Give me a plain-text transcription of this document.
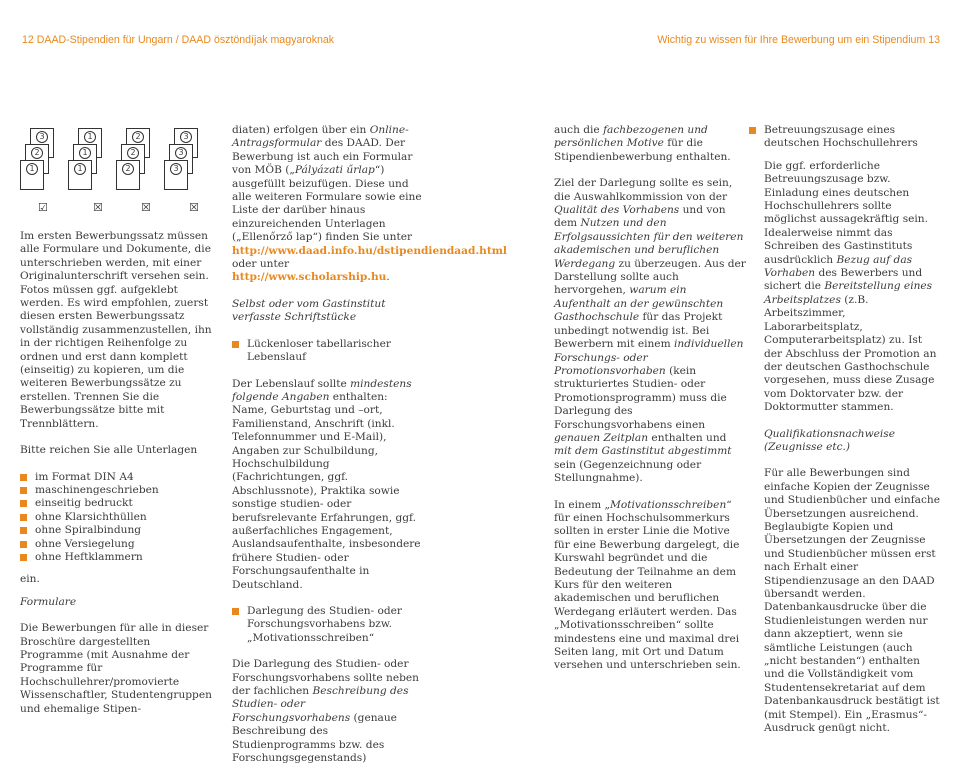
12 DAAD-Stipendien für Ungarn / DAAD ösztöndíjak magyaroknak	Wichtig zu wissen für Ihre Bewerbung um ein Stipendium 13
3
2
1
☑
1
1
1
☒
2
2
2
☒
3
3
3
☒

Im ersten Bewerbungssatz müssen alle Formulare und Dokumente, die unterschrieben werden, mit einer Originalunterschrift versehen sein. Fotos müssen ggf. aufgeklebt werden. Es wird empfohlen, zuerst diesen ersten Bewerbungssatz vollständig zusammenzustellen, ihn in der richtigen Reihenfolge zu ordnen und erst dann komplett (einseitig) zu kopieren, um die weiteren Bewerbungssätze zu erstellen. Trennen Sie die Bewerbungssätze bitte mit Trennblättern.

Bitte reichen Sie alle Unterlagen

im Format DIN A4
maschinengeschrieben
einseitig bedruckt
ohne Klarsichthüllen
ohne Spiralbindung
ohne Versiegelung
ohne Heftklammern

ein.

Formulare

Die Bewerbungen für alle in dieser Broschüre dargestellten Programme (mit Ausnahme der Programme für Hochschullehrer/promovierte Wissenschaftler, Studentengruppen und ehemalige Stipen-

diaten) erfolgen über ein Online-Antragsformular des DAAD. Der Bewerbung ist auch ein Formular von MÖB („Pályázati űrlap“) ausgefüllt beizufügen. Diese und alle weiteren Formulare sowie eine Liste der darüber hinaus einzureichenden Unterlagen („Ellenőrző lap“) finden Sie unter http://www.daad.info.hu/dstipendiendaad.html oder unter http://www.scholarship.hu.

Selbst oder vom Gastinstitut verfasste Schriftstücke

Lückenloser tabellarischer Lebenslauf

Der Lebenslauf sollte mindestens folgende Angaben enthalten: Name, Geburtstag und –ort, Familienstand, Anschrift (inkl. Telefonnummer und E-Mail), Angaben zur Schulbildung, Hochschulbildung (Fachrichtungen, ggf. Abschlussnote), Praktika sowie sonstige studien- oder berufsrelevante Erfahrungen, ggf. außerfachliches Engagement, Auslandsaufenthalte, insbesondere frühere Studien- oder Forschungsaufenthalte in Deutschland.

Darlegung des Studien- oder Forschungsvorhabens bzw. „Motivationsschreiben“

Die Darlegung des Studien- oder Forschungsvorhabens sollte neben der fachlichen Beschreibung des Studien- oder Forschungsvorhabens (genaue Beschreibung des Studienprogramms bzw. des Forschungsgegenstands)

auch die fachbezogenen und persönlichen Motive für die Stipendienbewerbung enthalten.

Ziel der Darlegung sollte es sein, die Auswahlkommission von der Qualität des Vorhabens und von dem Nutzen und den Erfolgsaussichten für den weiteren akademischen und beruflichen Werdegang zu überzeugen. Aus der Darstellung sollte auch hervorgehen, warum ein Aufenthalt an der gewünschten Gasthochschule für das Projekt unbedingt notwendig ist. Bei Bewerbern mit einem individuellen Forschungs- oder Promotionsvorhaben (kein strukturiertes Studien- oder Promotionsprogramm) muss die Darlegung des Forschungsvorhabens einen genauen Zeitplan enthalten und mit dem Gastinstitut abgestimmt sein (Gegenzeichnung oder Stellungnahme).

In einem „Motivationsschreiben“ für einen Hochschulsommerkurs sollten in erster Linie die Motive für eine Bewerbung dargelegt, die Kurswahl begründet und die Bedeutung der Teilnahme an dem Kurs für den weiteren akademischen und beruflichen Werdegang erläutert werden. Das „Motivationsschreiben“ sollte mindestens eine und maximal drei Seiten lang, mit Ort und Datum versehen und unterschrieben sein.

Betreuungszusage eines deutschen Hochschullehrers

Die ggf. erforderliche Betreuungszusage bzw. Einladung eines deutschen Hochschullehrers sollte möglichst aussagekräftig sein. Idealerweise nimmt das Schreiben des Gastinstituts ausdrücklich Bezug auf das Vorhaben des Bewerbers und sichert die Bereitstellung eines Arbeitsplatzes (z.B. Arbeitszimmer, Laborarbeitsplatz, Computerarbeitsplatz) zu. Ist der Abschluss der Promotion an der deutschen Gasthochschule vorgesehen, muss diese Zusage vom Doktorvater bzw. der Doktormutter stammen.

Qualifikationsnachweise (Zeugnisse etc.)

Für alle Bewerbungen sind einfache Kopien der Zeugnisse und Studienbücher und einfache Übersetzungen ausreichend. Beglaubigte Kopien und Übersetzungen der Zeugnisse und Studienbücher müssen erst nach Erhalt einer Stipendienzusage an den DAAD übersandt werden. Datenbankausdrucke über die Studienleistungen werden nur dann akzeptiert, wenn sie sämtliche Leistungen (auch „nicht bestanden“) enthalten und die Vollständigkeit vom Studentensekretariat auf dem Datenbankausdruck bestätigt ist (mit Stempel). Ein „Erasmus“-Ausdruck genügt nicht.
